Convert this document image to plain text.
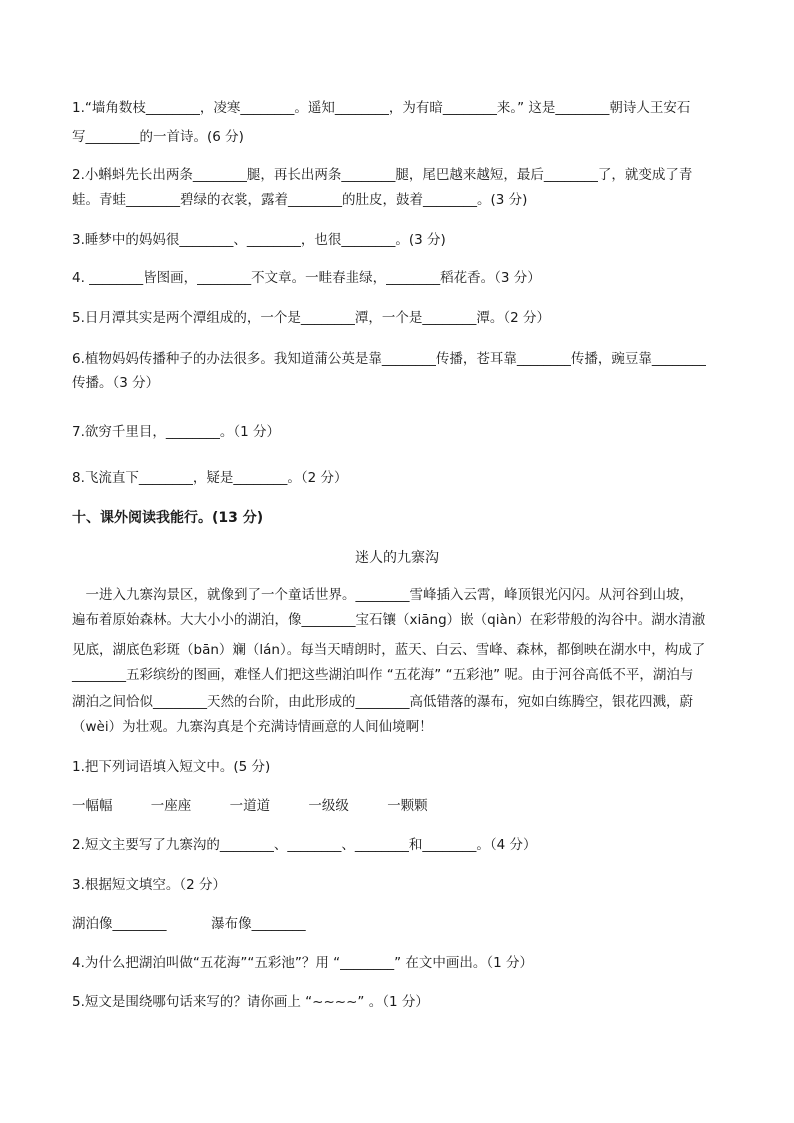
1.“墙角数枝________，凌寒________。遥知________，为有暗________来。” 这是________朝诗人王安石
写________的一首诗。(6 分)
2.小蝌蚪先长出两条________腿，再长出两条________腿，尾巴越来越短，最后________了，就变成了青
蛙。青蛙________碧绿的衣裳，露着________的肚皮，鼓着________。(3 分)
3.睡梦中的妈妈很________、________，也很________。(3 分)
4. ________皆图画，________不文章。一畦春韭绿，________稻花香。（3 分）
5.日月潭其实是两个潭组成的，一个是________潭，一个是________潭。（2 分）
6.植物妈妈传播种子的办法很多。我知道蒲公英是靠________传播，苍耳靠________传播，豌豆靠________
传播。（3 分）
7.欲穷千里目，________。（1 分）
8.飞流直下________，疑是________。（2 分）
十、课外阅读我能行。(13 分)
迷人的九寨沟
　一进入九寨沟景区，就像到了一个童话世界。________雪峰插入云霄，峰顶银光闪闪。从河谷到山坡，
遍布着原始森林。大大小小的湖泊，像________宝石镶（xiāng）嵌（qiàn）在彩带般的沟谷中。湖水清澈
见底，湖底色彩斑（bān）斓（lán）。每当天晴朗时，蓝天、白云、雪峰、森林，都倒映在湖水中，构成了
________五彩缤纷的图画，难怪人们把这些湖泊叫作 “五花海” “五彩池” 呢。由于河谷高低不平，湖泊与
湖泊之间恰似________天然的台阶，由此形成的________高低错落的瀑布，宛如白练腾空，银花四溅，蔚
（wèi）为壮观。九寨沟真是个充满诗情画意的人间仙境啊！
1.把下列词语填入短文中。(5 分)
一幅幅	一座座	一道道	一级级	一颗颗
2.短文主要写了九寨沟的________、________、________和________。（4 分）
3.根据短文填空。（2 分）
湖泊像________	瀑布像________
4.为什么把湖泊叫做“五花海”“五彩池”？用 “________” 在文中画出。（1 分）
5.短文是围绕哪句话来写的？请你画上 “~~~~” 。（1 分）
